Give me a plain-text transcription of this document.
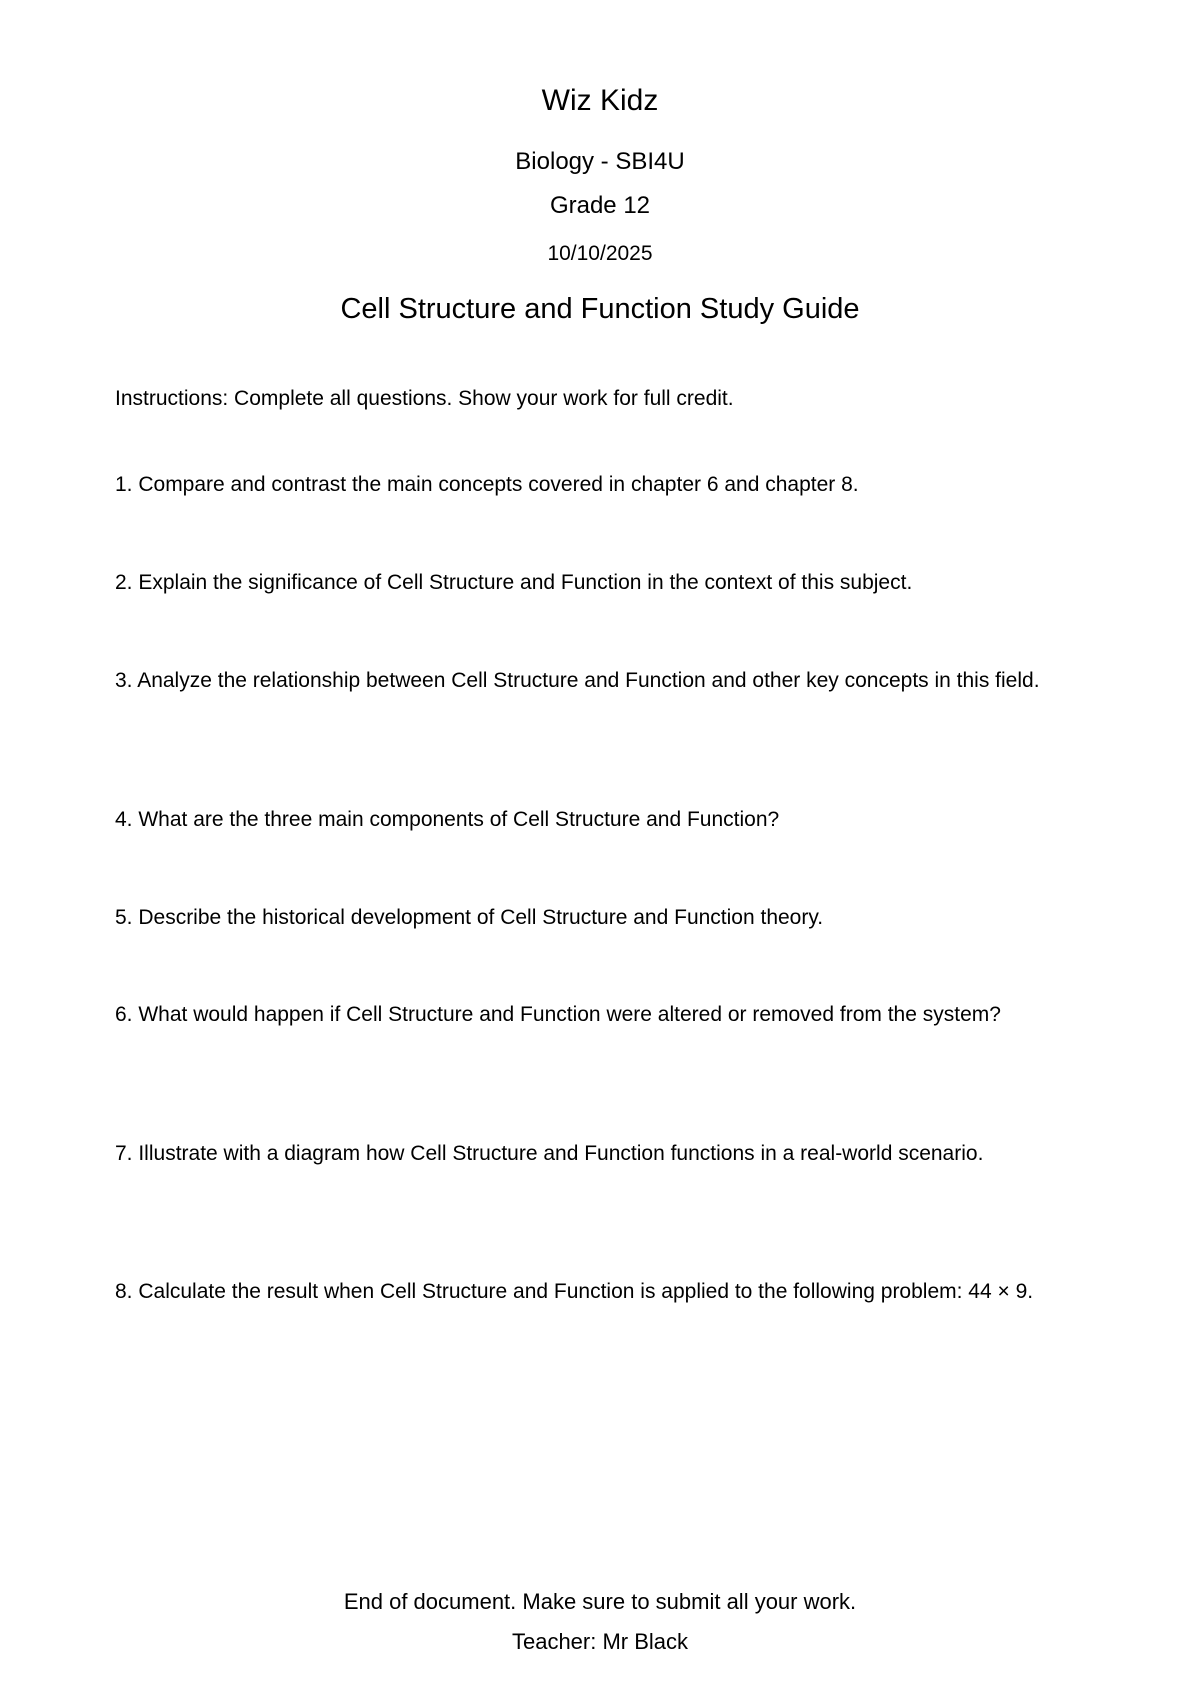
Wiz Kidz
Biology - SBI4U
Grade 12
10/10/2025
Cell Structure and Function Study Guide
Instructions: Complete all questions. Show your work for full credit.
1. Compare and contrast the main concepts covered in chapter 6 and chapter 8.
2. Explain the significance of Cell Structure and Function in the context of this subject.
3. Analyze the relationship between Cell Structure and Function and other key concepts in this field.
4. What are the three main components of Cell Structure and Function?
5. Describe the historical development of Cell Structure and Function theory.
6. What would happen if Cell Structure and Function were altered or removed from the system?
7. Illustrate with a diagram how Cell Structure and Function functions in a real-world scenario.
8. Calculate the result when Cell Structure and Function is applied to the following problem: 44 × 9.
End of document. Make sure to submit all your work.
Teacher: Mr Black
